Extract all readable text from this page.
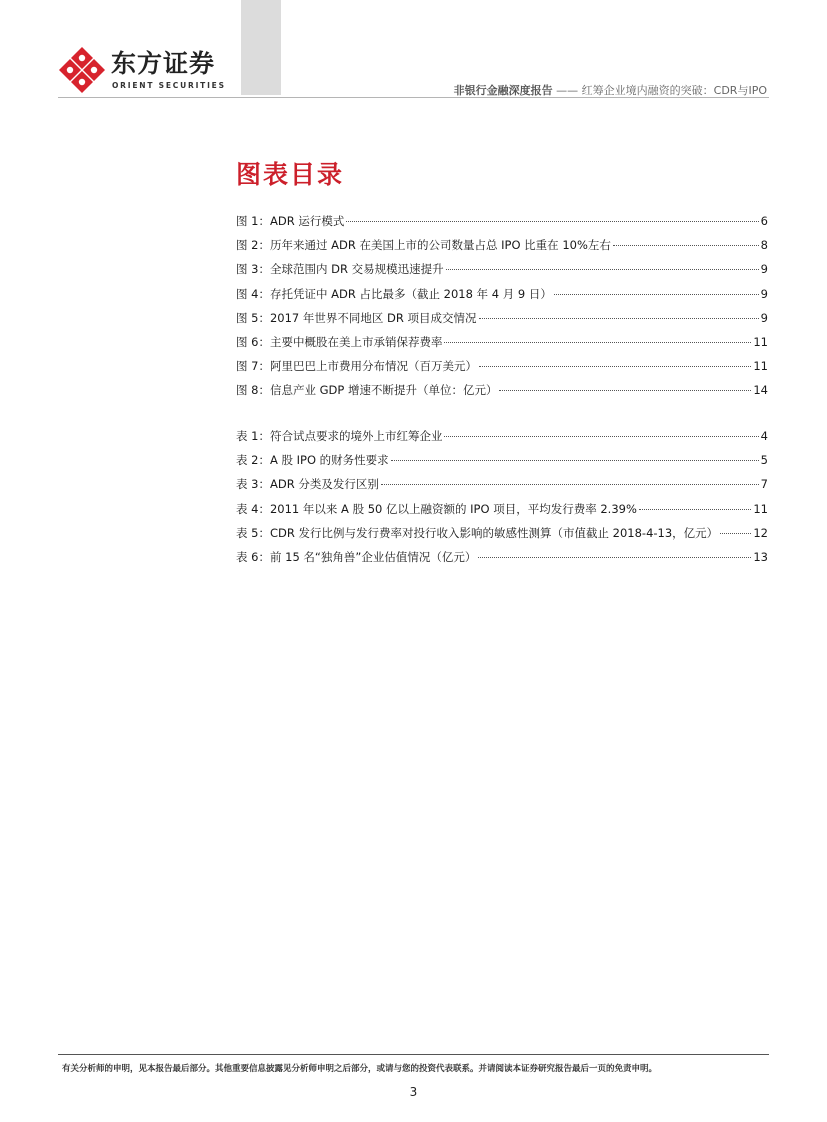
东方证券
ORIENT SECURITIES	非银行金融深度报告 —— 红筹企业境内融资的突破：CDR与IPO
图表目录
图 1：ADR 运行模式	6
图 2：历年来通过 ADR 在美国上市的公司数量占总 IPO 比重在 10%左右	8
图 3：全球范围内 DR 交易规模迅速提升	9
图 4：存托凭证中 ADR 占比最多（截止 2018 年 4 月 9 日）	9
图 5：2017 年世界不同地区 DR 项目成交情况	9
图 6：主要中概股在美上市承销保荐费率	11
图 7：阿里巴巴上市费用分布情况（百万美元）	11
图 8：信息产业 GDP 增速不断提升（单位：亿元）	14
表 1：符合试点要求的境外上市红筹企业	4
表 2：A 股 IPO 的财务性要求	5
表 3：ADR 分类及发行区别	7
表 4：2011 年以来 A 股 50 亿以上融资额的 IPO 项目，平均发行费率 2.39%	11
表 5：CDR 发行比例与发行费率对投行收入影响的敏感性测算（市值截止 2018-4-13，亿元）	12
表 6：前 15 名“独角兽”企业估值情况（亿元）	13
有关分析师的申明，见本报告最后部分。其他重要信息披露见分析师申明之后部分，或请与您的投资代表联系。并请阅读本证券研究报告最后一页的免责申明。
3
